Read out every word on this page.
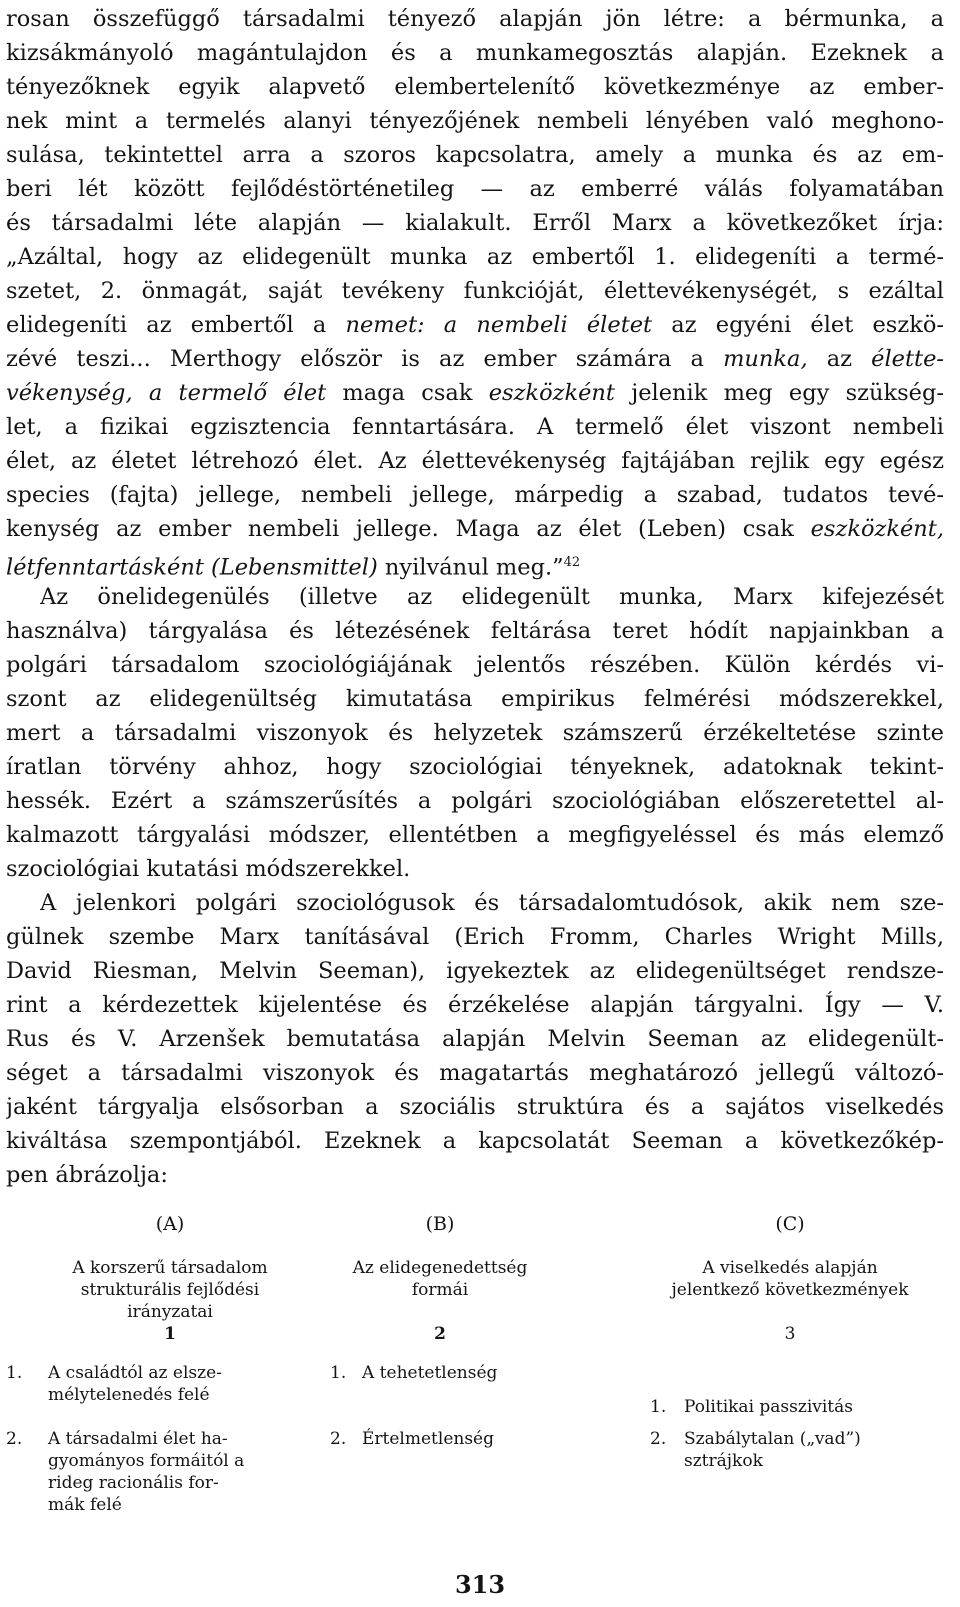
rosan összefüggő társadalmi tényező alapján jön létre: a bérmunka, a
kizsákmányoló magántulajdon és a munkamegosztás alapján. Ezeknek a
tényezőknek egyik alapvető elembertelenítő következménye az ember-
nek mint a termelés alanyi tényezőjének nembeli lényében való meghono-
sulása, tekintettel arra a szoros kapcsolatra, amely a munka és az em-
beri lét között fejlődéstörténetileg — az emberré válás folyamatában
és társadalmi léte alapján — kialakult. Erről Marx a következőket írja:
„Azáltal, hogy az elidegenült munka az embertől 1. elidegeníti a termé-
szetet, 2. önmagát, saját tevékeny funkcióját, élettevékenységét, s ezáltal
elidegeníti az embertől a nemet: a nembeli életet az egyéni élet eszkö-
zévé teszi... Merthogy először is az ember számára a munka, az élette-
vékenység, a termelő élet maga csak eszközként jelenik meg egy szükség-
let, a fizikai egzisztencia fenntartására. A termelő élet viszont nembeli
élet, az életet létrehozó élet. Az élettevékenység fajtájában rejlik egy egész
species (fajta) jellege, nembeli jellege, márpedig a szabad, tudatos tevé-
kenység az ember nembeli jellege. Maga az élet (Leben) csak eszközként,
létfenntartásként (Lebensmittel) nyilvánul meg.”$^{42}$
Az önelidegenülés (illetve az elidegenült munka, Marx kifejezését
használva) tárgyalása és létezésének feltárása teret hódít napjainkban a
polgári társadalom szociológiájának jelentős részében. Külön kérdés vi-
szont az elidegenültség kimutatása empirikus felmérési módszerekkel,
mert a társadalmi viszonyok és helyzetek számszerű érzékeltetése szinte
íratlan törvény ahhoz, hogy szociológiai tényeknek, adatoknak tekint-
hessék. Ezért a számszerűsítés a polgári szociológiában előszeretettel al-
kalmazott tárgyalási módszer, ellentétben a megfigyeléssel és más elemző
szociológiai kutatási módszerekkel.
A jelenkori polgári szociológusok és társadalomtudósok, akik nem sze-
gülnek szembe Marx tanításával (Erich Fromm, Charles Wright Mills,
David Riesman, Melvin Seeman), igyekeztek az elidegenültséget rendsze-
rint a kérdezettek kijelentése és érzékelése alapján tárgyalni. Így — V.
Rus és V. Arzenšek bemutatása alapján Melvin Seeman az elidegenült-
séget a társadalmi viszonyok és magatartás meghatározó jellegű változó-
jaként tárgyalja elsősorban a szociális struktúra és a sajátos viselkedés
kiváltása szempontjából. Ezeknek a kapcsolatát Seeman a következőkép-
pen ábrázolja:
(A)
A korszerű társadalom
strukturális fejlődési
irányzatai
1
1. A családtól az elsze-
mélytelenedés felé
2. A társadalmi élet ha-
gyományos formáitól a
rideg racionális for-
mák felé
(B)
Az elidegenedettség
formái
2
1. A tehetetlenség
2. Értelmetlenség
(C)
A viselkedés alapján
jelentkező következmények
3
1. Politikai passzivitás
2. Szabálytalan („vad”)
sztrájkok
313
